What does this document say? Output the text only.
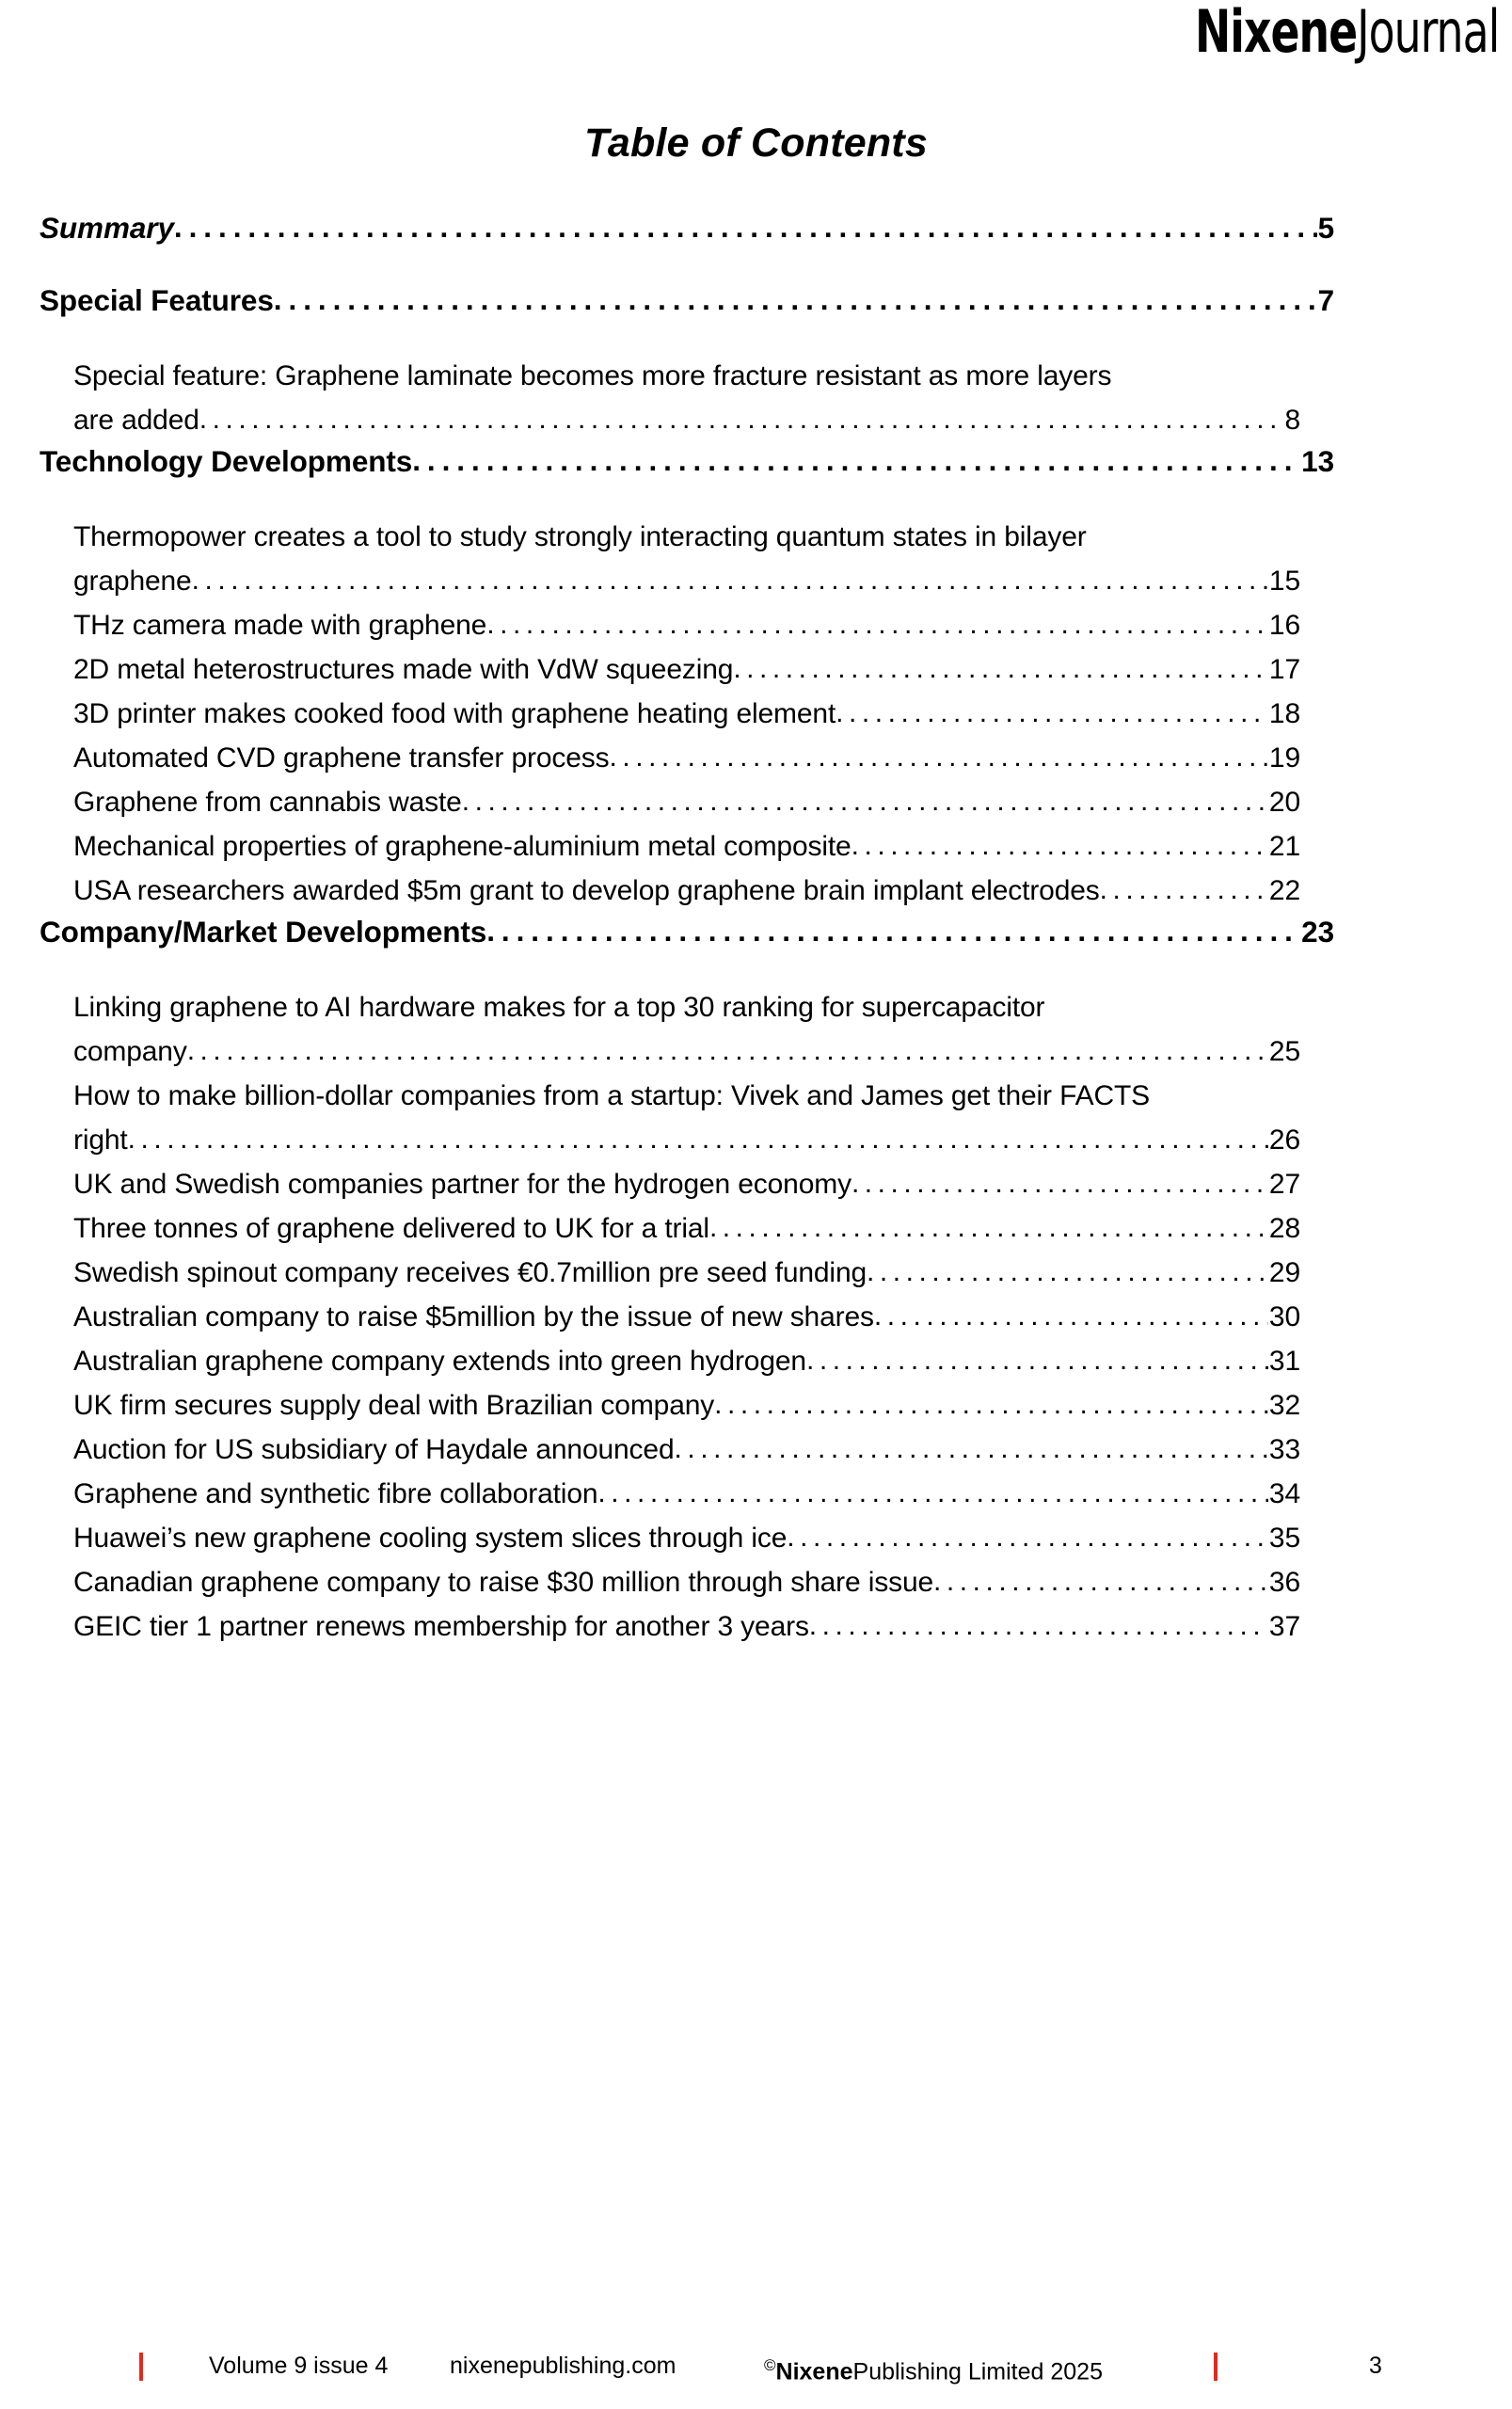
NixeneJournal
Table of Contents
Summary . . .	5
Special Features . . .	7
Special feature: Graphene laminate becomes more fracture resistant as more layers
are added . . .	8
Technology Developments . . .	13
Thermopower creates a tool to study strongly interacting quantum states in bilayer
graphene . . .	15
THz camera made with graphene . . .	16
2D metal heterostructures made with VdW squeezing . . .	17
3D printer makes cooked food with graphene heating element . . .	18
Automated CVD graphene transfer process . . .	19
Graphene from cannabis waste . . .	20
Mechanical properties of graphene-aluminium metal composite . . .	21
USA researchers awarded $5m grant to develop graphene brain implant electrodes . . .	22
Company/Market Developments . . .	23
Linking graphene to AI hardware makes for a top 30 ranking for supercapacitor
company . . .	25
How to make billion-dollar companies from a startup: Vivek and James get their FACTS
right . . .	26
UK and Swedish companies partner for the hydrogen economy . . .	27
Three tonnes of graphene delivered to UK for a trial . . .	28
Swedish spinout company receives €0.7million pre seed funding . . .	29
Australian company to raise $5million by the issue of new shares . . .	30
Australian graphene company extends into green hydrogen . . .	31
UK firm secures supply deal with Brazilian company . . .	32
Auction for US subsidiary of Haydale announced . . .	33
Graphene and synthetic fibre collaboration . . .	34
Huawei’s new graphene cooling system slices through ice . . .	35
Canadian graphene company to raise $30 million through share issue . . .	36
GEIC tier 1 partner renews membership for another 3 years . . .	37
Volume 9 issue 4	nixenepublishing.com	©NixenePublishing Limited 2025	3
